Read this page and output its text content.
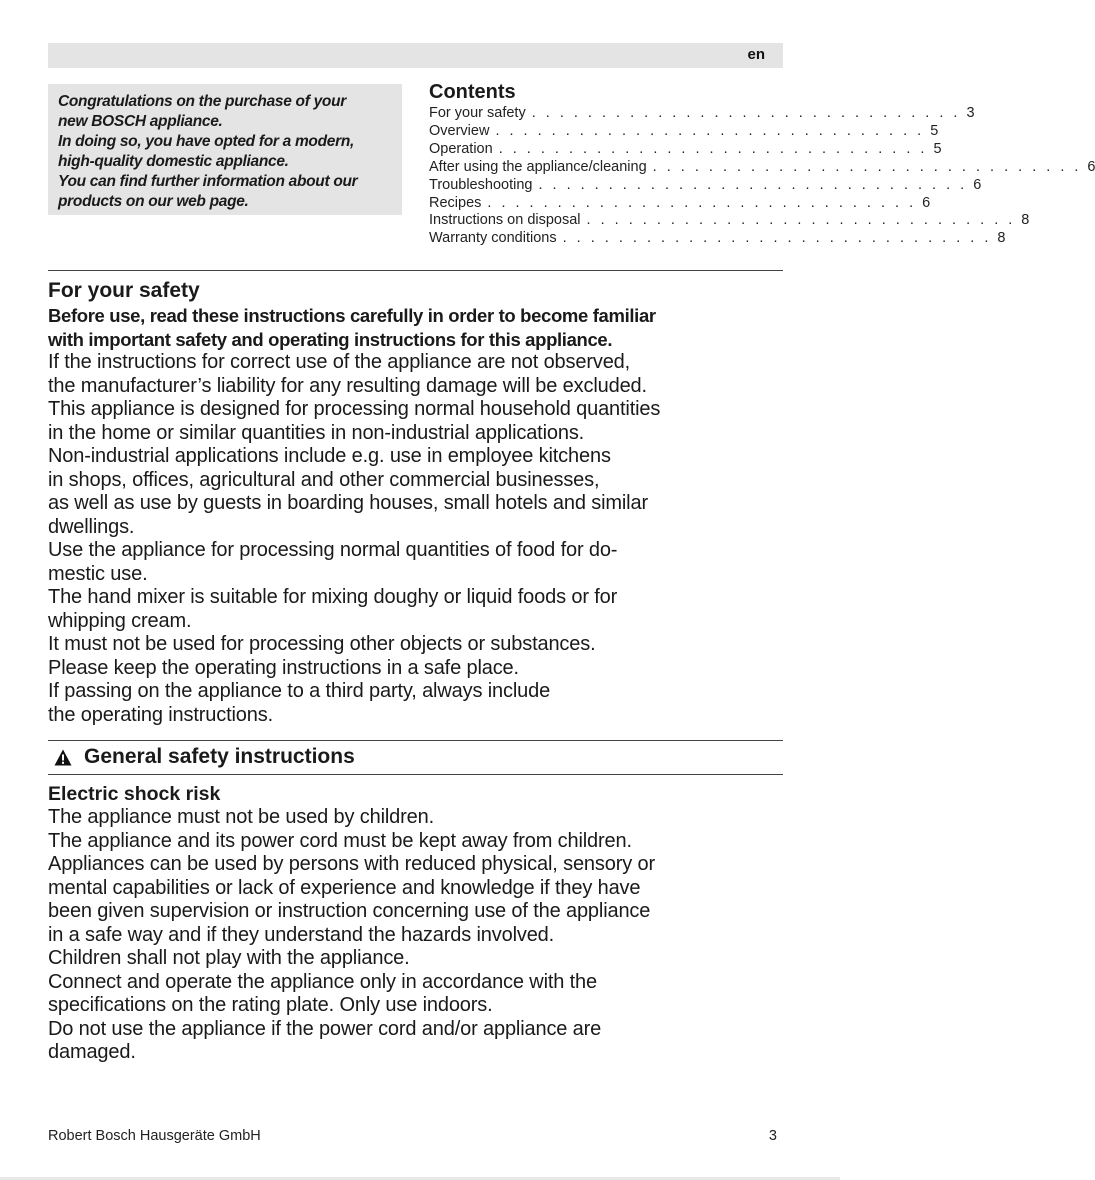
en
Congratulations on the purchase of your
new BOSCH appliance.
In doing so, you have opted for a modern,
high-quality domestic appliance.
You can find further information about our
products on our web page.
Contents
For your safety . . . . . . . . . . . . . . . . . . . . . . . . . . . . . . . 3
Overview . . . . . . . . . . . . . . . . . . . . . . . . . . . . . . . 5
Operation . . . . . . . . . . . . . . . . . . . . . . . . . . . . . . . 5
After using the appliance/cleaning . . . . . . . . . . . . . . . . . . . . . . . . . . . . . . . 6
Troubleshooting . . . . . . . . . . . . . . . . . . . . . . . . . . . . . . . 6
Recipes . . . . . . . . . . . . . . . . . . . . . . . . . . . . . . . 6
Instructions on disposal . . . . . . . . . . . . . . . . . . . . . . . . . . . . . . . 8
Warranty conditions . . . . . . . . . . . . . . . . . . . . . . . . . . . . . . . 8
For your safety
Before use, read these instructions carefully in order to become familiar
with important safety and operating instructions for this appliance.
If the instructions for correct use of the appliance are not observed,
the manufacturer’s liability for any resulting damage will be excluded.
This appliance is designed for processing normal household quantities
in the home or similar quantities in non-industrial applications.
Non-industrial applications include e.g. use in employee kitchens
in shops, offices, agricultural and other commercial businesses,
as well as use by guests in boarding houses, small hotels and similar
dwellings.
Use the appliance for processing normal quantities of food for do-
mestic use.
The hand mixer is suitable for mixing doughy or liquid foods or for
whipping cream.
It must not be used for processing other objects or substances.
Please keep the operating instructions in a safe place.
If passing on the appliance to a third party, always include
the operating instructions.
General safety instructions
Electric shock risk
The appliance must not be used by children.
The appliance and its power cord must be kept away from children.
Appliances can be used by persons with reduced physical, sensory or
mental capabilities or lack of experience and knowledge if they have
been given supervision or instruction concerning use of the appliance
in a safe way and if they understand the hazards involved.
Children shall not play with the appliance.
Connect and operate the appliance only in accordance with the
specifications on the rating plate. Only use indoors.
Do not use the appliance if the power cord and/or appliance are
damaged.
Robert Bosch Hausgeräte GmbH	3
